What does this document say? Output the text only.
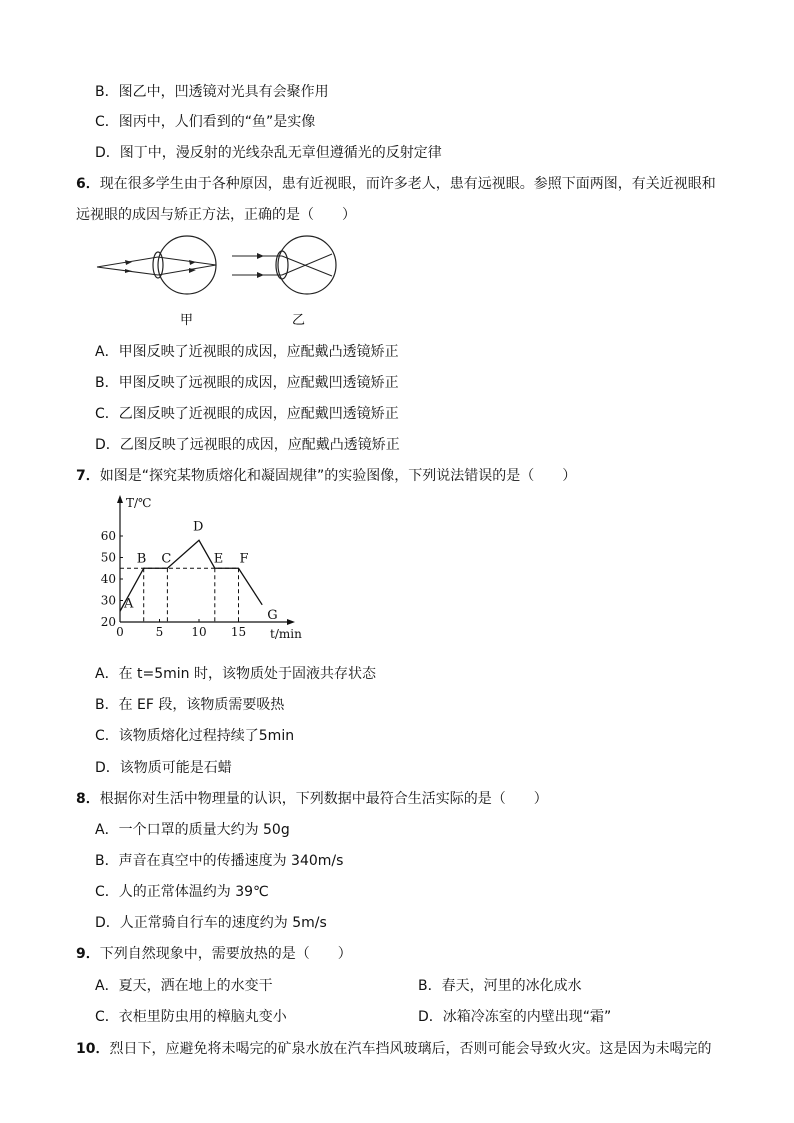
B．图乙中，凹透镜对光具有会聚作用
C．图丙中，人们看到的“鱼”是实像
D．图丁中，漫反射的光线杂乱无章但遵循光的反射定律
6．现在很多学生由于各种原因，患有近视眼，而许多老人，患有远视眼。参照下面两图，有关近视眼和
远视眼的成因与矫正方法，正确的是（　　）
甲	乙
A．甲图反映了近视眼的成因，应配戴凸透镜矫正
B．甲图反映了远视眼的成因，应配戴凹透镜矫正
C．乙图反映了近视眼的成因，应配戴凹透镜矫正
D．乙图反映了远视眼的成因，应配戴凸透镜矫正
7．如图是“探究某物质熔化和凝固规律”的实验图像，下列说法错误的是（　　）
T/℃
t/min
20
30
40
50
60
0	5 10 15
A
B C
D
E F
G
A．在 t=5min 时，该物质处于固液共存状态
B．在 EF 段，该物质需要吸热
C．该物质熔化过程持续了5min
D．该物质可能是石蜡
8．根据你对生活中物理量的认识，下列数据中最符合生活实际的是（　　）
A．一个口罩的质量大约为 50g
B．声音在真空中的传播速度为 340m/s
C．人的正常体温约为 39℃
D．人正常骑自行车的速度约为 5m/s
9．下列自然现象中，需要放热的是（　　）
A．夏天，洒在地上的水变干	B．春天，河里的冰化成水
C．衣柜里防虫用的樟脑丸变小	D．冰箱冷冻室的内壁出现“霜”
10．烈日下，应避免将未喝完的矿泉水放在汽车挡风玻璃后，否则可能会导致火灾。这是因为未喝完的
